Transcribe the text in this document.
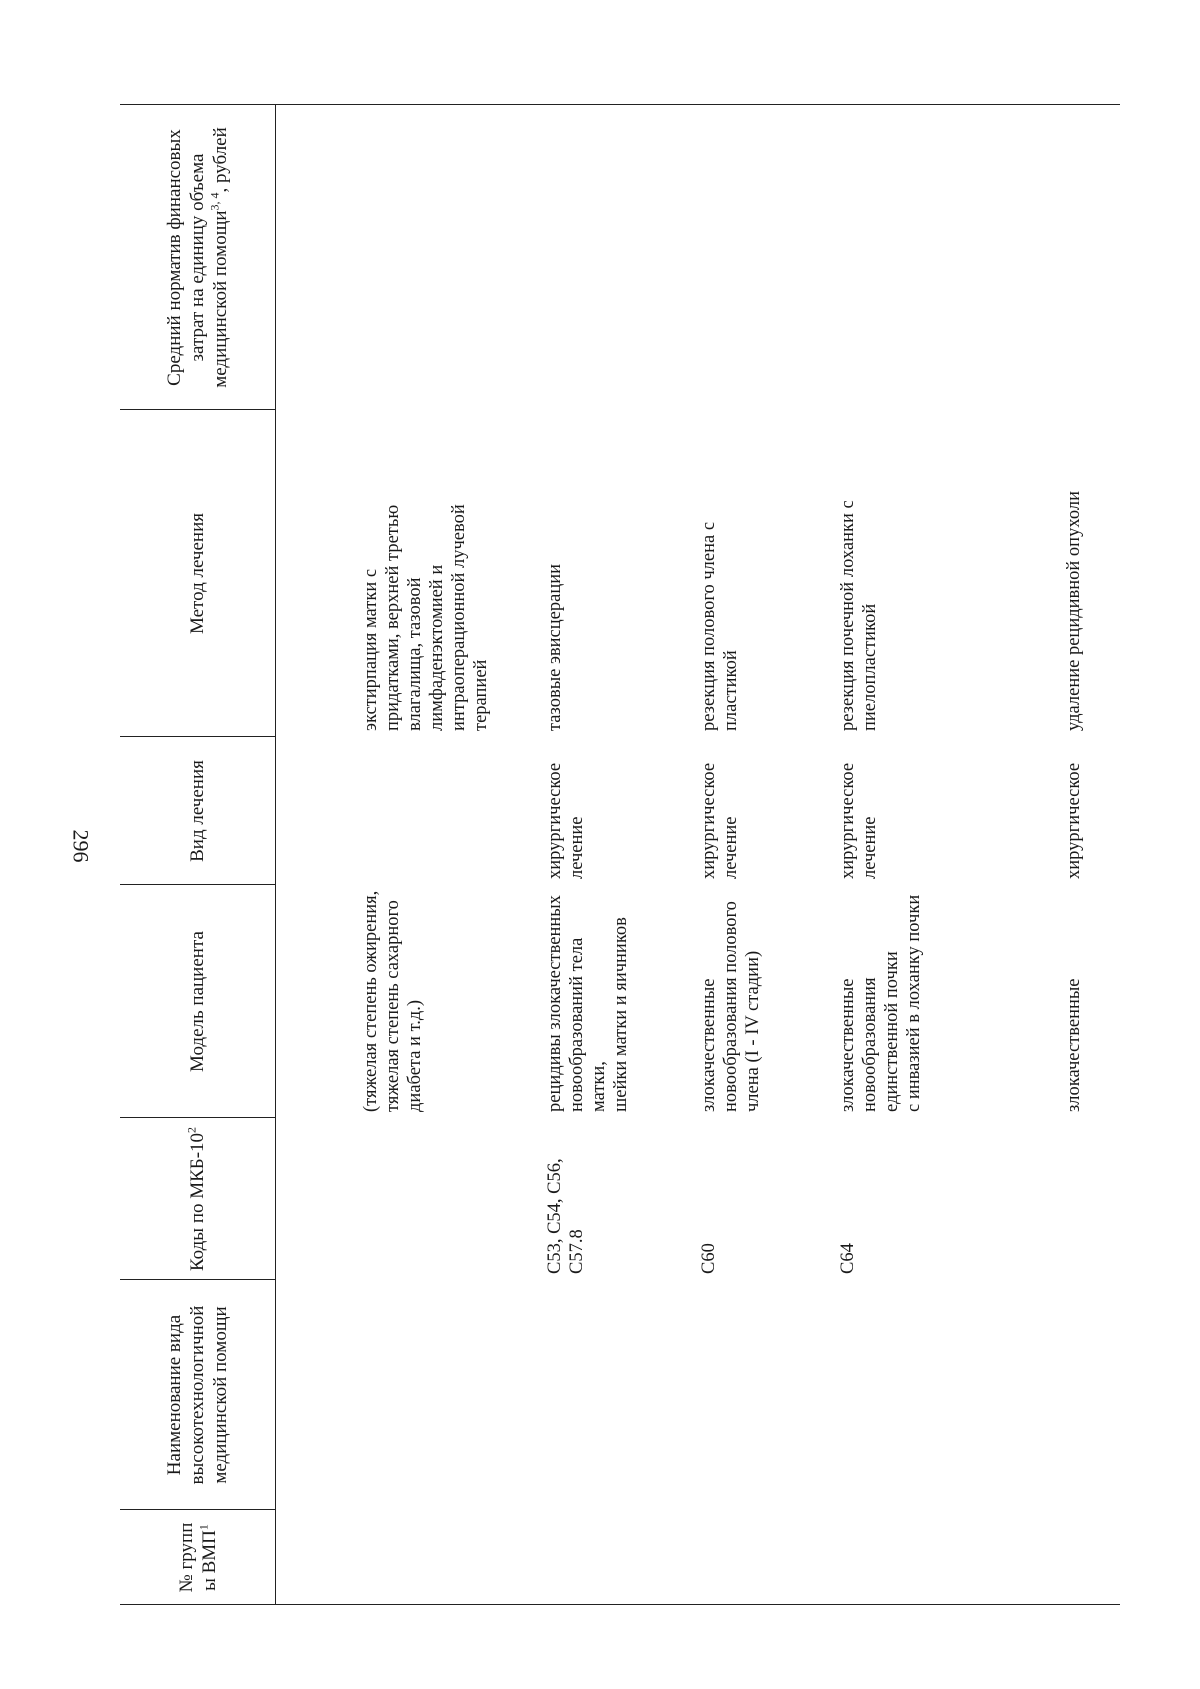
296
№ групп ы ВМП$^1$
Наименование вида высокотехнологичной медицинской помощи
Коды по МКБ-$10^2$
Модель пациента
Вид лечения
Метод лечения
Средний норматив финансовых затрат на единицу объема медицинской помощи$^{3, 4}$, рублей
(тяжелая степень ожирения,
тяжелая степень сахарного
диабета и т.д.)
экстирпация матки с
придатками, верхней третью
влагалища, тазовой
лимфаденэктомией и
интраоперационной лучевой
терапией
C53, C54, C56,
C57.8
рецидивы злокачественных
новообразований тела
матки,
шейки матки и яичников
хирургическое
лечение
тазовые эвисцерации
C60
злокачественные
новообразования полового
члена (I - IV стадии)
хирургическое
лечение
резекция полового члена с
пластикой
C64
злокачественные
новообразования
единственной почки
с инвазией в лоханку почки
хирургическое
лечение
резекция почечной лоханки с
пиелопластикой
злокачественные
хирургическое
удаление рецидивной опухоли
